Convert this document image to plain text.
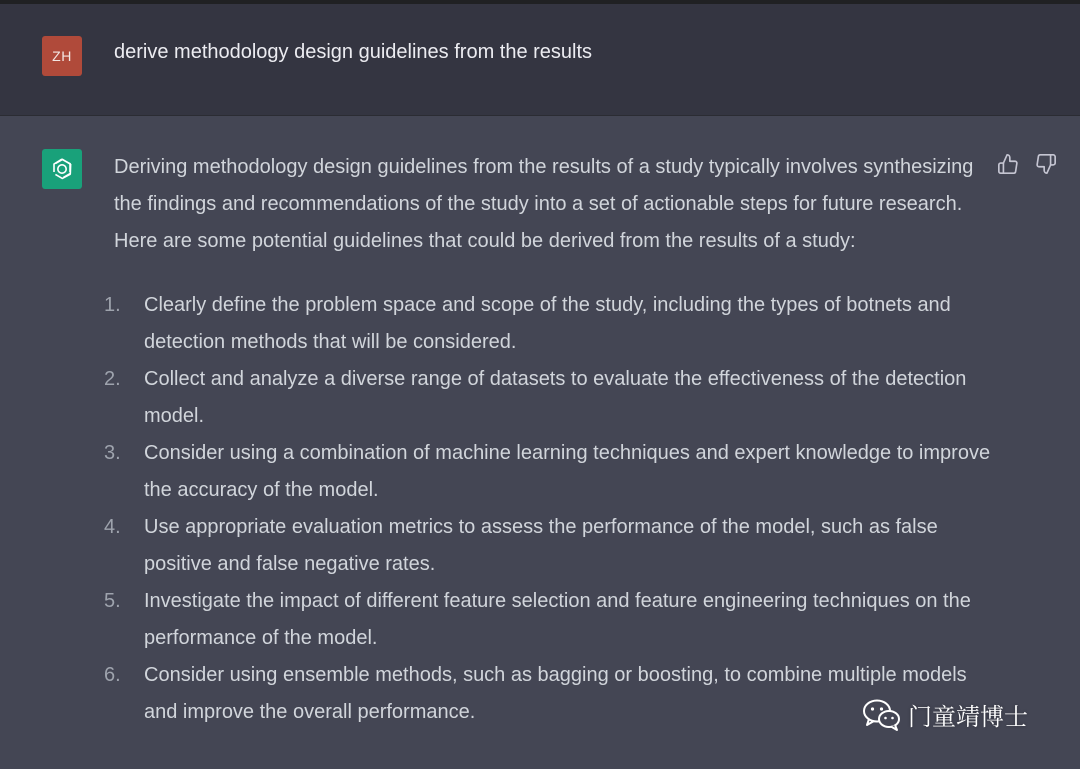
ZH	derive methodology design guidelines from the results

Deriving methodology design guidelines from the results of a study typically involves synthesizing the findings and recommendations of the study into a set of actionable steps for future research. Here are some potential guidelines that could be derived from the results of a study:

1.	Clearly define the problem space and scope of the study, including the types of botnets and detection methods that will be considered.
2.	Collect and analyze a diverse range of datasets to evaluate the effectiveness of the detection model.
3.	Consider using a combination of machine learning techniques and expert knowledge to improve the accuracy of the model.
4.	Use appropriate evaluation metrics to assess the performance of the model, such as false positive and false negative rates.
5.	Investigate the impact of different feature selection and feature engineering techniques on the performance of the model.
6.	Consider using ensemble methods, such as bagging or boosting, to combine multiple models and improve the overall performance.	门童靖博士
